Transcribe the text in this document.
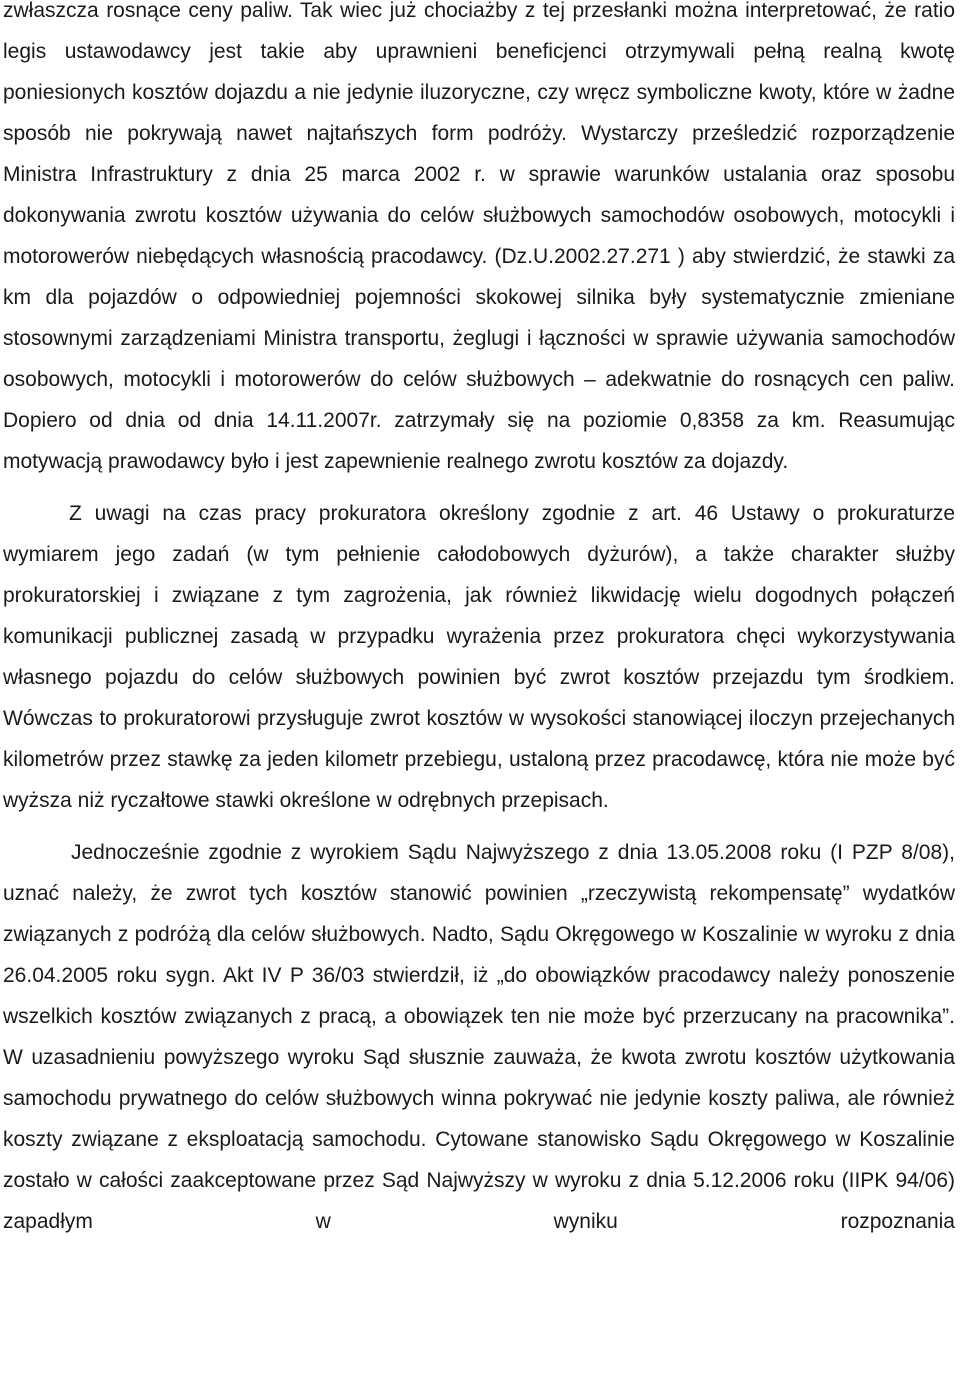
zwłaszcza rosnące ceny paliw. Tak wiec już chociażby z tej przesłanki można interpretować, że ratio legis ustawodawcy jest takie aby uprawnieni beneficjenci otrzymywali pełną realną kwotę poniesionych kosztów dojazdu a nie jedynie iluzoryczne, czy wręcz symboliczne kwoty, które w żadne sposób nie pokrywają nawet najtańszych form podróży. Wystarczy prześledzić rozporządzenie Ministra Infrastruktury z dnia 25 marca 2002 r. w sprawie warunków ustalania oraz sposobu dokonywania zwrotu kosztów używania do celów służbowych samochodów osobowych, motocykli i motorowerów niebędących własnością pracodawcy. (Dz.U.2002.27.271 ) aby stwierdzić, że stawki za km dla pojazdów o odpowiedniej pojemności skokowej silnika były systematycznie zmieniane stosownymi zarządzeniami Ministra transportu, żeglugi i łączności w sprawie używania samochodów osobowych, motocykli i motorowerów do celów służbowych – adekwatnie do rosnących cen paliw. Dopiero od dnia od dnia 14.11.2007r. zatrzymały się na poziomie 0,8358 za km. Reasumując motywacją prawodawcy było i jest zapewnienie realnego zwrotu kosztów za dojazdy.

Z uwagi na czas pracy prokuratora określony zgodnie z art. 46 Ustawy o prokuraturze wymiarem jego zadań (w tym pełnienie całodobowych dyżurów), a także charakter służby prokuratorskiej i związane z tym zagrożenia, jak również likwidację wielu dogodnych połączeń komunikacji publicznej zasadą w przypadku wyrażenia przez prokuratora chęci wykorzystywania własnego pojazdu do celów służbowych powinien być zwrot kosztów przejazdu tym środkiem. Wówczas to prokuratorowi przysługuje zwrot kosztów w wysokości stanowiącej iloczyn przejechanych kilometrów przez stawkę za jeden kilometr przebiegu, ustaloną przez pracodawcę, która nie może być wyższa niż ryczałtowe stawki określone w odrębnych przepisach.

Jednocześnie zgodnie z wyrokiem Sądu Najwyższego z dnia 13.05.2008 roku (I PZP 8/08), uznać należy, że zwrot tych kosztów stanowić powinien „rzeczywistą rekompensatę” wydatków związanych z podróżą dla celów służbowych. Nadto, Sądu Okręgowego w Koszalinie w wyroku z dnia 26.04.2005 roku sygn. Akt IV P 36/03 stwierdził, iż „do obowiązków pracodawcy należy ponoszenie wszelkich kosztów związanych z pracą, a obowiązek ten nie może być przerzucany na pracownika”. W uzasadnieniu powyższego wyroku Sąd słusznie zauważa, że kwota zwrotu kosztów użytkowania samochodu prywatnego do celów służbowych winna pokrywać nie jedynie koszty paliwa, ale również koszty związane z eksploatacją samochodu. Cytowane stanowisko Sądu Okręgowego w Koszalinie zostało w całości zaakceptowane przez Sąd Najwyższy w wyroku z dnia 5.12.2006 roku (IIPK 94/06) zapadłym w wyniku rozpoznania
